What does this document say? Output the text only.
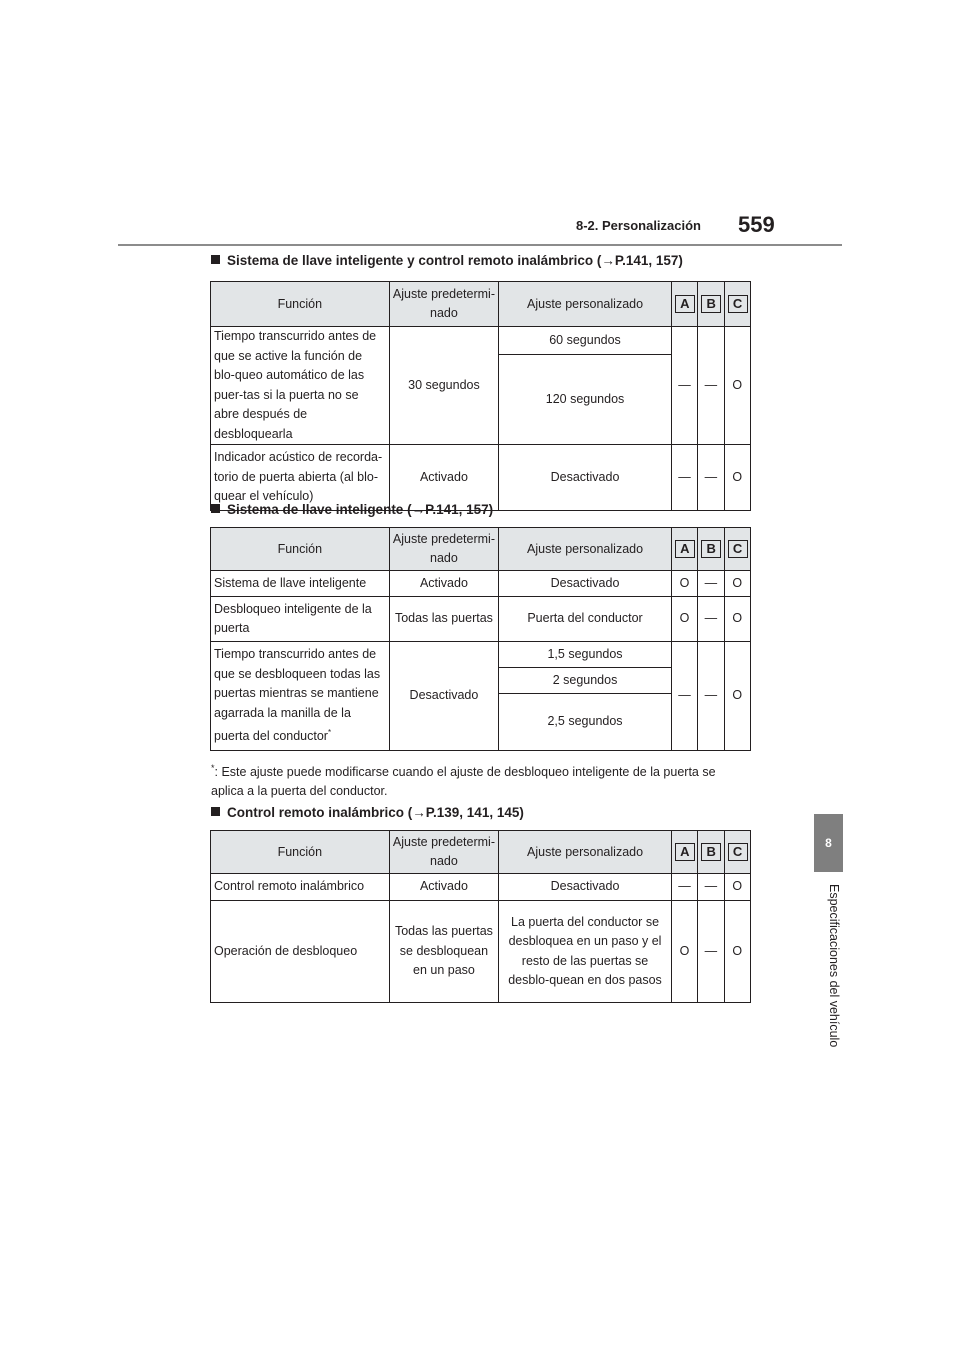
8-2. Personalización 559
8
Especificaciones del vehículo
Sistema de llave inteligente y control remoto inalámbrico (→P.141, 157)
Función	Ajuste predetermi-nado	Ajuste personalizado	A	B	C
Tiempo transcurrido antes de que se active la función de blo-queo automático de las puer-tas si la puerta no se abre después de desbloquearla	30 segundos	60 segundos	—	—	O
		120 segundos			
Indicador acústico de recorda-torio de puerta abierta (al blo-quear el vehículo)	Activado	Desactivado	—	—	O
Sistema de llave inteligente (→P.141, 157)
Función	Ajuste predetermi-nado	Ajuste personalizado	A	B	C
Sistema de llave inteligente	Activado	Desactivado	O	—	O
Desbloqueo inteligente de la puerta	Todas las puertas	Puerta del conductor	O	—	O
Tiempo transcurrido antes de que se desbloqueen todas las puertas mientras se mantiene agarrada la manilla de la puerta del conductor*	Desactivado	1,5 segundos	—	—	O
		2 segundos			
		2,5 segundos			
*: Este ajuste puede modificarse cuando el ajuste de desbloqueo inteligente de la puerta se aplica a la puerta del conductor.
Control remoto inalámbrico (→P.139, 141, 145)
Función	Ajuste predetermi-nado	Ajuste personalizado	A	B	C
Control remoto inalámbrico	Activado	Desactivado	—	—	O
Operación de desbloqueo	Todas las puertas se desbloquean en un paso	La puerta del conductor se desbloquea en un paso y el resto de las puertas se desblo-quean en dos pasos	O	—	O
